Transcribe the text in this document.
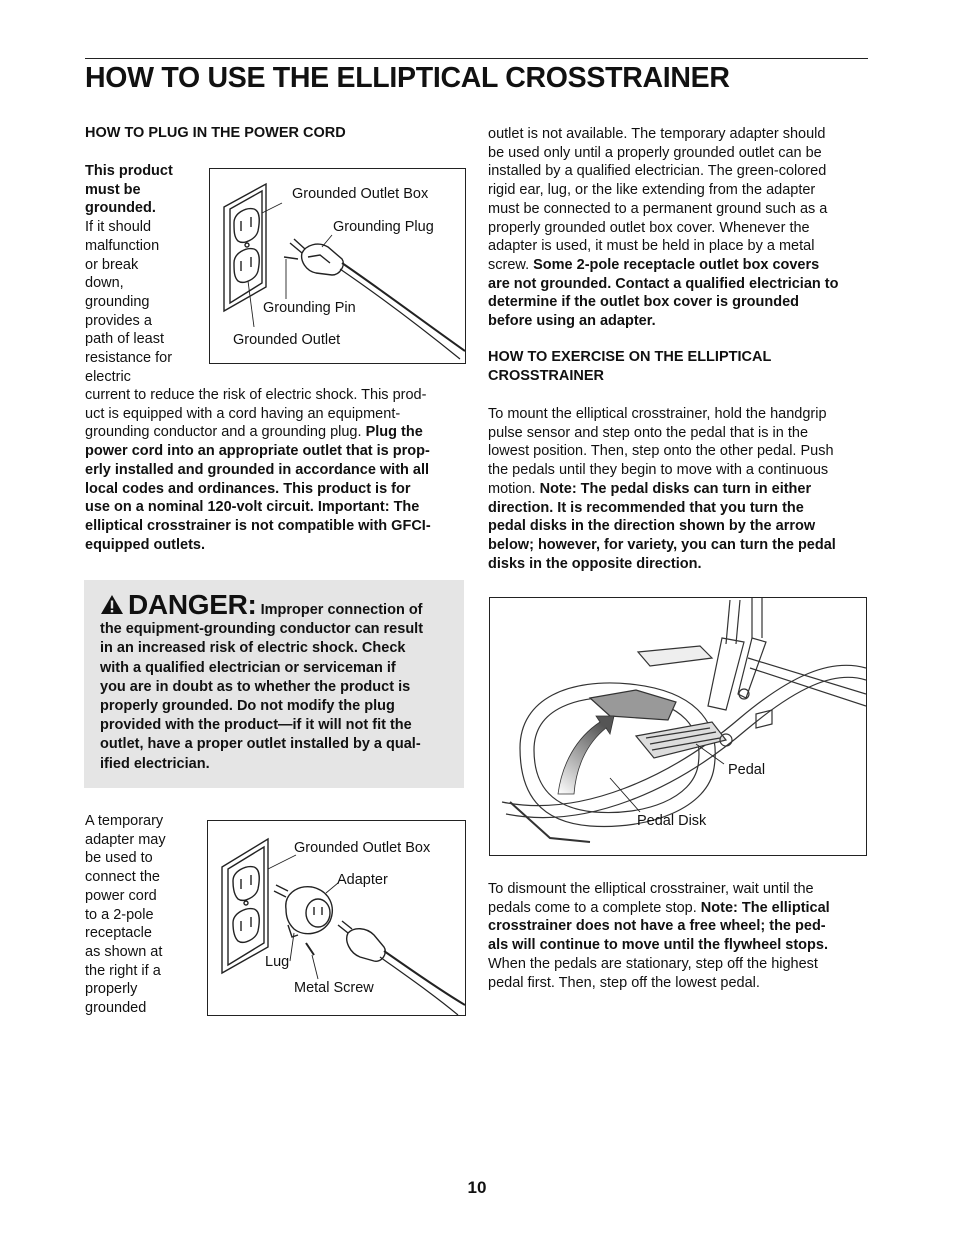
HOW TO USE THE ELLIPTICAL CROSSTRAINER
HOW TO PLUG IN THE POWER CORD
This product
must be
grounded.
If it should
malfunction
or break
down,
grounding
provides a
path of least
resistance for
electric
Grounded Outlet Box
Grounding Plug
Grounding Pin
Grounded Outlet
current to reduce the risk of electric shock. This prod-
uct is equipped with a cord having an equipment-
grounding conductor and a grounding plug. Plug the
power cord into an appropriate outlet that is prop-
erly installed and grounded in accordance with all
local codes and ordinances. This product is for
use on a nominal 120-volt circuit. Important: The
elliptical crosstrainer is not compatible with GFCI-
equipped outlets.
DANGER: Improper connection of
the equipment-grounding conductor can result
in an increased risk of electric shock. Check
with a qualified electrician or serviceman if
you are in doubt as to whether the product is
properly grounded. Do not modify the plug
provided with the product—if it will not fit the
outlet, have a proper outlet installed by a qual-
ified electrician.
A temporary
adapter may
be used to
connect the
power cord
to a 2-pole
receptacle
as shown at
the right if a
properly
grounded
Grounded Outlet Box
Adapter
Lug
Metal Screw
outlet is not available. The temporary adapter should
be used only until a properly grounded outlet can be
installed by a qualified electrician. The green-colored
rigid ear, lug, or the like extending from the adapter
must be connected to a permanent ground such as a
properly grounded outlet box cover. Whenever the
adapter is used, it must be held in place by a metal
screw. Some 2-pole receptacle outlet box covers
are not grounded. Contact a qualified electrician to
determine if the outlet box cover is grounded
before using an adapter.
HOW TO EXERCISE ON THE ELLIPTICAL
CROSSTRAINER
To mount the elliptical crosstrainer, hold the handgrip
pulse sensor and step onto the pedal that is in the
lowest position. Then, step onto the other pedal. Push
the pedals until they begin to move with a continuous
motion. Note: The pedal disks can turn in either
direction. It is recommended that you turn the
pedal disks in the direction shown by the arrow
below; however, for variety, you can turn the pedal
disks in the opposite direction.
Pedal
Pedal Disk
To dismount the elliptical crosstrainer, wait until the
pedals come to a complete stop. Note: The elliptical
crosstrainer does not have a free wheel; the ped-
als will continue to move until the flywheel stops.
When the pedals are stationary, step off the highest
pedal first. Then, step off the lowest pedal.
10
